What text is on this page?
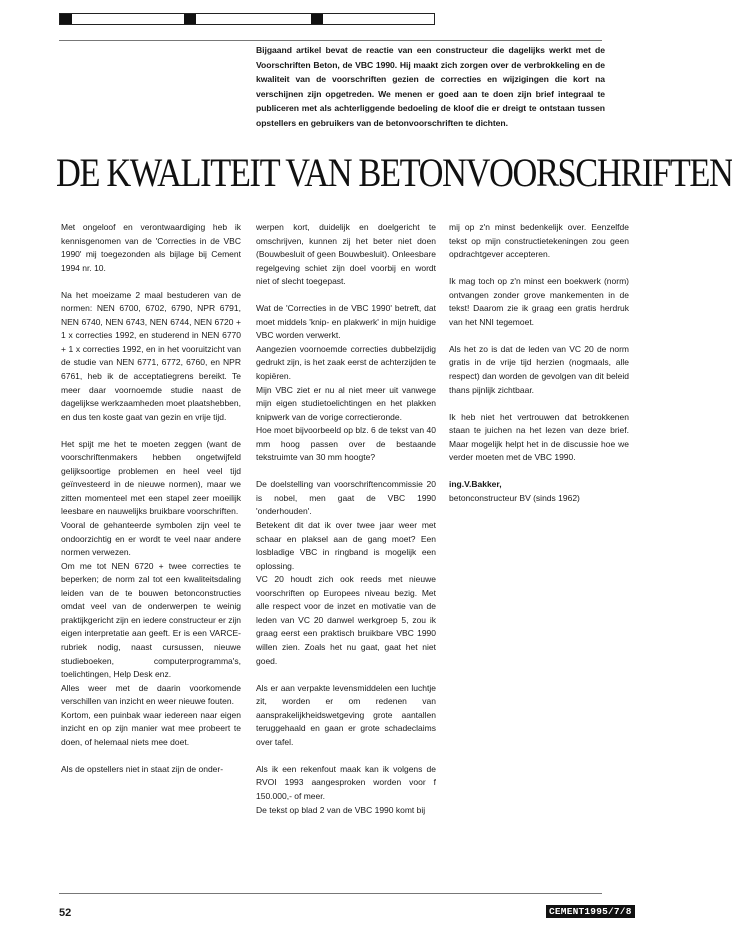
Bijgaand artikel bevat de reactie van een constructeur die dagelijks werkt met de Voorschriften Beton, de VBC 1990. Hij maakt zich zorgen over de verbrokkeling en de kwaliteit van de voorschriften gezien de correcties en wijzigingen die kort na verschijnen zijn opgetreden. We menen er goed aan te doen zijn brief integraal te publiceren met als achterliggende bedoeling de kloof die er dreigt te ontstaan tussen opstellers en gebruikers van de betonvoorschriften te dichten.
DE KWALITEIT VAN BETONVOORSCHRIFTEN

Met ongeloof en verontwaardiging heb ik kennisgenomen van de 'Correcties in de VBC 1990' mij toegezonden als bijlage bij Cement 1994 nr. 10.

Na het moeizame 2 maal bestuderen van de normen: NEN 6700, 6702, 6790, NPR 6791, NEN 6740, NEN 6743, NEN 6744, NEN 6720 + 1 x correcties 1992, en studerend in NEN 6770 + 1 x correcties 1992, en in het vooruitzicht van de studie van NEN 6771, 6772, 6760, en NPR 6761, heb ik de acceptatiegrens bereikt. Te meer daar voornoemde studie naast de dagelijkse werkzaamheden moet plaatshebben, en dus ten koste gaat van gezin en vrije tijd.

Het spijt me het te moeten zeggen (want de voorschriftenmakers hebben ongetwijfeld gelijksoortige problemen en heel veel tijd geïnvesteerd in de nieuwe normen), maar we zitten momenteel met een stapel zeer moeilijk leesbare en nauwelijks bruikbare voorschriften.

Vooral de gehanteerde symbolen zijn veel te ondoorzichtig en er wordt te veel naar andere normen verwezen.

Om me tot NEN 6720 + twee correcties te beperken; de norm zal tot een kwaliteitsdaling leiden van de te bouwen betonconstructies omdat veel van de onderwerpen te weinig praktijkgericht zijn en iedere constructeur er zijn eigen interpretatie aan geeft. Er is een VARCE-rubriek nodig, naast cursussen, nieuwe studieboeken, computerprogramma's, toelichtingen, Help Desk enz.

Alles weer met de daarin voorkomende verschillen van inzicht en weer nieuwe fouten.

Kortom, een puinbak waar iedereen naar eigen inzicht en op zijn manier wat mee probeert te doen, of helemaal niets mee doet.

Als de opstellers niet in staat zijn de onder-

werpen kort, duidelijk en doelgericht te omschrijven, kunnen zij het beter niet doen (Bouwbesluit of geen Bouwbesluit). Onleesbare regelgeving schiet zijn doel voorbij en wordt niet of slecht toegepast.

Wat de 'Correcties in de VBC 1990' betreft, dat moet middels 'knip- en plakwerk' in mijn huidige VBC worden verwerkt.

Aangezien voornoemde correcties dubbelzijdig gedrukt zijn, is het zaak eerst de achterzijden te kopiëren.

Mijn VBC ziet er nu al niet meer uit vanwege mijn eigen studietoelichtingen en het plakken knipwerk van de vorige correctieronde.

Hoe moet bijvoorbeeld op blz. 6 de tekst van 40 mm hoog passen over de bestaande tekstruimte van 30 mm hoogte?

De doelstelling van voorschriftencommissie 20 is nobel, men gaat de VBC 1990 'onderhouden'.

Betekent dit dat ik over twee jaar weer met schaar en plaksel aan de gang moet? Een losbladige VBC in ringband is mogelijk een oplossing.

VC 20 houdt zich ook reeds met nieuwe voorschriften op Europees niveau bezig. Met alle respect voor de inzet en motivatie van de leden van VC 20 danwel werkgroep 5, zou ik graag eerst een praktisch bruikbare VBC 1990 willen zien. Zoals het nu gaat, gaat het niet goed.

Als er aan verpakte levensmiddelen een luchtje zit, worden er om redenen van aansprakelijkheidswetgeving grote aantallen teruggehaald en gaan er grote schadeclaims over tafel.

Als ik een rekenfout maak kan ik volgens de RVOI 1993 aangesproken worden voor f 150.000,- of meer.

De tekst op blad 2 van de VBC 1990 komt bij

mij op z'n minst bedenkelijk over. Eenzelfde tekst op mijn constructietekeningen zou geen opdrachtgever accepteren.

Ik mag toch op z'n minst een boekwerk (norm) ontvangen zonder grove mankementen in de tekst! Daarom zie ik graag een gratis herdruk van het NNI tegemoet.

Als het zo is dat de leden van VC 20 de norm gratis in de vrije tijd herzien (nogmaals, alle respect) dan worden de gevolgen van dit beleid thans pijnlijk zichtbaar.

Ik heb niet het vertrouwen dat betrokkenen staan te juichen na het lezen van deze brief. Maar mogelijk helpt het in de discussie hoe we verder moeten met de VBC 1990.

ing.V.Bakker,

betonconstructeur BV (sinds 1962)

52	CEMENT1995/7/8
